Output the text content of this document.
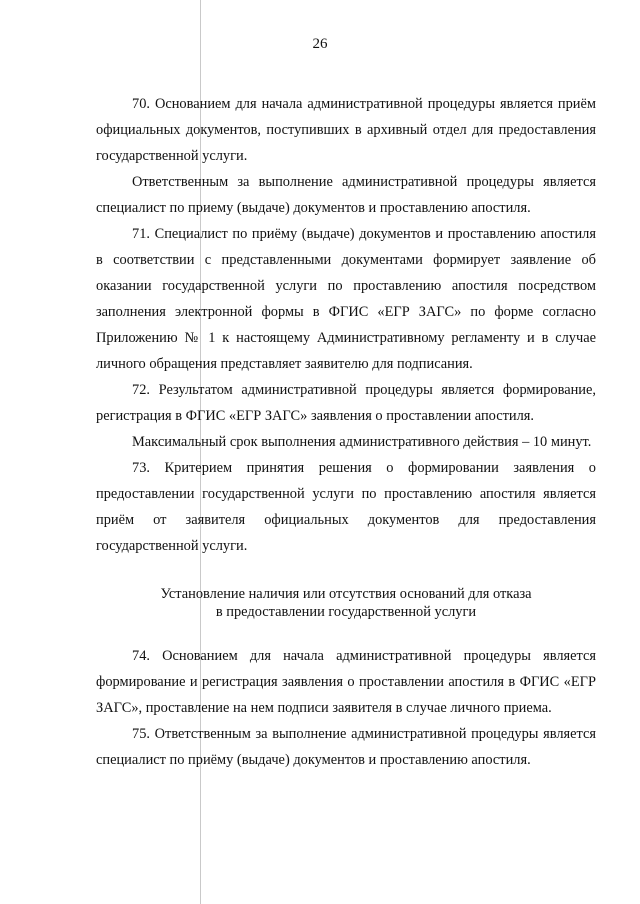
26

70. Основанием для начала административной процедуры является приём официальных документов, поступивших в архивный отдел для предоставления государственной услуги.

Ответственным за выполнение административной процедуры является специалист по приему (выдаче) документов и проставлению апостиля.

71. Специалист по приёму (выдаче) документов и проставлению апостиля в соответствии с представленными документами формирует заявление об оказании государственной услуги по проставлению апостиля посредством заполнения электронной формы в ФГИС «ЕГР ЗАГС» по форме согласно Приложению № 1 к настоящему Административному регламенту и в случае личного обращения представляет заявителю для подписания.

72. Результатом административной процедуры является формирование, регистрация в ФГИС «ЕГР ЗАГС» заявления о проставлении апостиля.

Максимальный срок выполнения административного действия – 10 минут.

73. Критерием принятия решения о формировании заявления о предоставлении государственной услуги по проставлению апостиля является приём от заявителя официальных документов для предоставления государственной услуги.

Установление наличия или отсутствия оснований для отказа
в предоставлении государственной услуги

74. Основанием для начала административной процедуры является формирование и регистрация заявления о проставлении апостиля в ФГИС «ЕГР ЗАГС», проставление на нем подписи заявителя в случае личного приема.

75. Ответственным за выполнение административной процедуры является специалист по приёму (выдаче) документов и проставлению апостиля.
